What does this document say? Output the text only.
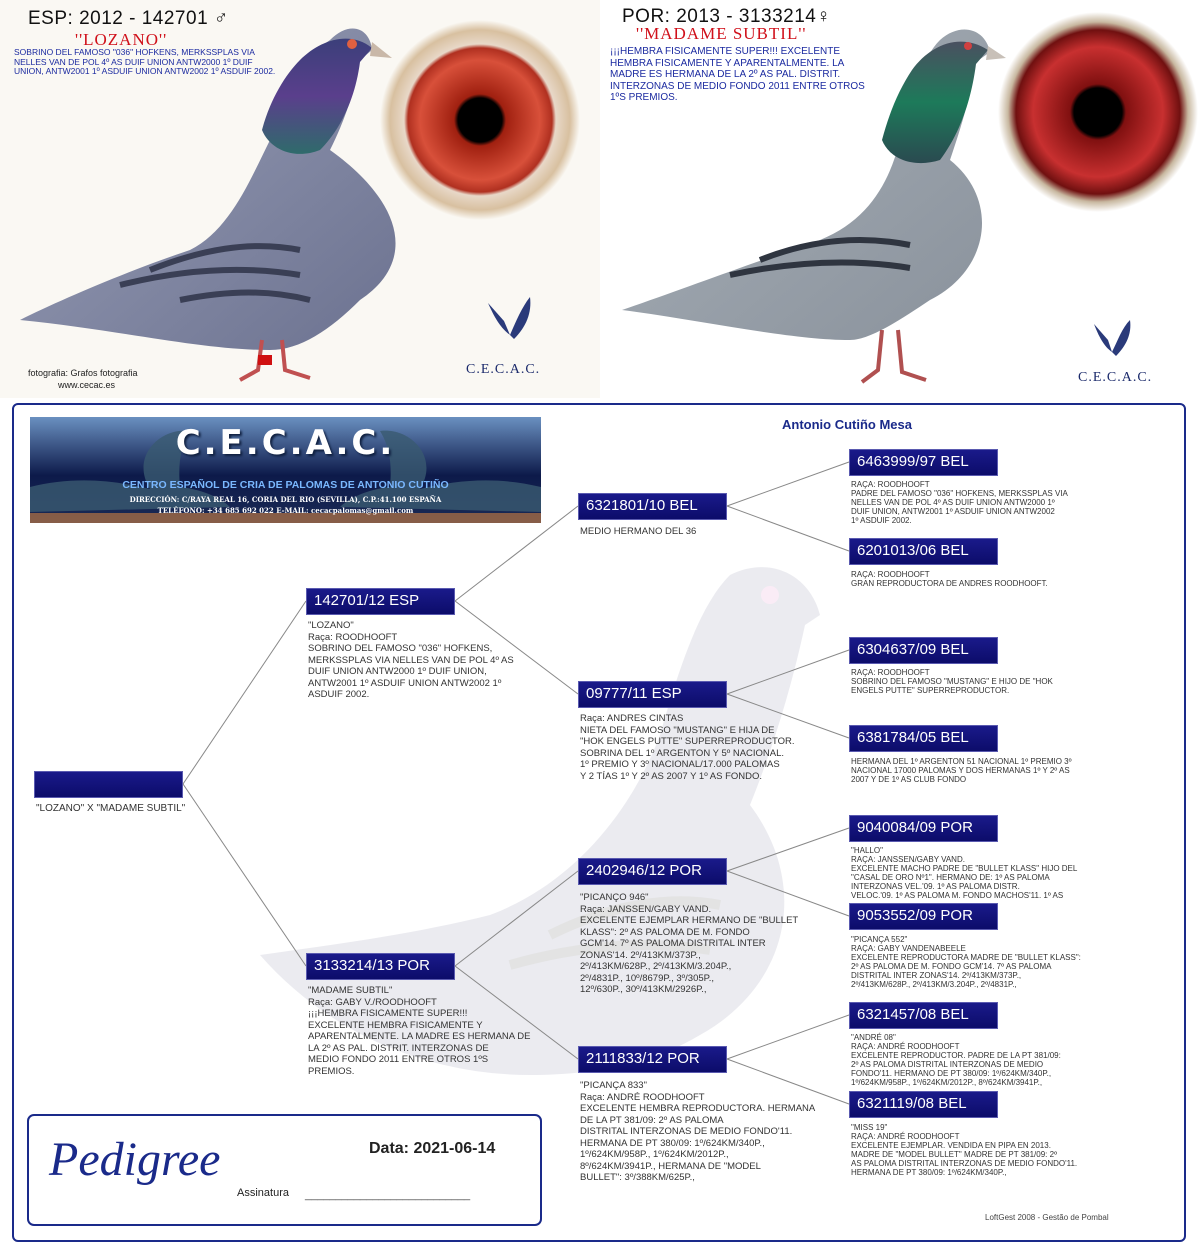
ESP: 2012 - 142701 ♂
''LOZANO''
SOBRINO DEL FAMOSO "036" HOFKENS, MERKSSPLAS VIA NELLES VAN DE POL 4º AS DUIF UNION ANTW2000 1º DUIF UNION, ANTW2001 1º ASDUIF UNION ANTW2002 1º ASDUIF 2002.
fotografia: Grafos fotografia
www.cecac.es
C.E.C.A.C.
POR: 2013 - 3133214♀
''MADAME SUBTIL''
¡¡¡HEMBRA FISICAMENTE SUPER!!! EXCELENTE HEMBRA FISICAMENTE Y APARENTALMENTE. LA MADRE ES HERMANA DE LA 2º AS PAL. DISTRIT. INTERZONAS DE MEDIO FONDO 2011 ENTRE OTROS 1ºS PREMIOS.
C.E.C.A.C.
C.E.C.A.C.
CENTRO ESPAÑOL DE CRIA DE PALOMAS DE ANTONIO CUTIÑO
DIRECCIÓN: C/RAYA REAL 16, CORIA DEL RIO (SEVILLA), C.P.:41.100 ESPAÑA
TELÉFONO: +34 685 692 022 E-MAIL: cecacpalomas@gmail.com
Antonio Cutiño Mesa
"LOZANO" X "MADAME SUBTIL"
142701/12 ESP
"LOZANO"
Raça: ROODHOOFT
SOBRINO DEL FAMOSO "036" HOFKENS,
MERKSSPLAS VIA NELLES VAN DE POL 4º AS
DUIF UNION ANTW2000 1º DUIF UNION,
ANTW2001 1º ASDUIF UNION ANTW2002 1º
ASDUIF 2002.
3133214/13 POR
"MADAME SUBTIL"
Raça: GABY V./ROODHOOFT
¡¡¡HEMBRA FISICAMENTE SUPER!!!
EXCELENTE HEMBRA FISICAMENTE Y
APARENTALMENTE. LA MADRE ES HERMANA DE
LA 2º AS PAL. DISTRIT. INTERZONAS DE
MEDIO FONDO 2011 ENTRE OTROS 1ºS
PREMIOS.
6321801/10 BEL
MEDIO HERMANO DEL 36
09777/11 ESP
Raça: ANDRES CINTAS
NIETA DEL FAMOSO "MUSTANG" E HIJA DE
"HOK ENGELS PUTTE" SUPERREPRODUCTOR.
SOBRINA DEL 1º ARGENTON Y 5º NACIONAL.
1º PREMIO Y 3º NACIONAL/17.000 PALOMAS
Y 2 TÍAS 1º Y 2º AS 2007 Y 1º AS FONDO.
2402946/12 POR
"PICANÇO 946"
Raça: JANSSEN/GABY VAND.
EXCELENTE EJEMPLAR HERMANO DE "BULLET
KLASS": 2º AS PALOMA DE M. FONDO
GCM'14. 7º AS PALOMA DISTRITAL INTER
ZONAS'14. 2º/413KM/373P.,
2º/413KM/628P., 2º/413KM/3.204P.,
2º/4831P., 10º/8679P., 3º/305P.,
12º/630P., 30º/413KM/2926P.,
2111833/12 POR
"PICANÇA 833"
Raça: ANDRÉ ROODHOOFT
EXCELENTE HEMBRA REPRODUCTORA. HERMANA
DE LA PT 381/09: 2º AS PALOMA
DISTRITAL INTERZONAS DE MEDIO FONDO'11.
HERMANA DE PT 380/09: 1º/624KM/340P.,
1º/624KM/958P., 1º/624KM/2012P.,
8º/624KM/3941P., HERMANA DE "MODEL
BULLET": 3º/388KM/625P.,
6463999/97 BEL
RAÇA: ROODHOOFT
PADRE DEL FAMOSO "036" HOFKENS, MERKSSPLAS VIA
NELLES VAN DE POL 4º AS DUIF UNION ANTW2000 1º
DUIF UNION, ANTW2001 1º ASDUIF UNION ANTW2002
1º ASDUIF 2002.
6201013/06 BEL
RAÇA: ROODHOOFT
GRAN REPRODUCTORA DE ANDRES ROODHOOFT.
6304637/09 BEL
RAÇA: ROODHOOFT
SOBRINO DEL FAMOSO "MUSTANG" E HIJO DE "HOK
ENGELS PUTTE" SUPERREPRODUCTOR.
6381784/05 BEL
HERMANA DEL 1º ARGENTON 51 NACIONAL 1º PREMIO 3º
NACIONAL 17000 PALOMAS Y DOS HERMANAS 1º Y 2º AS
2007 Y DE 1º AS CLUB FONDO
9040084/09 POR
"HALLO"
RAÇA: JANSSEN/GABY VAND.
EXCELENTE MACHO PADRE DE "BULLET KLASS" HIJO DEL
"CASAL DE ORO Nº1". HERMANO DE: 1º AS PALOMA
INTERZONAS VEL.'09. 1º AS PALOMA DISTR.
VELOC.'09. 1º AS PALOMA M. FONDO MACHOS'11. 1º AS
9053552/09 POR
"PICANÇA 552"
RAÇA: GABY VANDENABEELE
EXCELENTE REPRODUCTORA MADRE DE "BULLET KLASS":
2º AS PALOMA DE M. FONDO GCM'14. 7º AS PALOMA
DISTRITAL INTER ZONAS'14. 2º/413KM/373P.,
2º/413KM/628P., 2º/413KM/3.204P., 2º/4831P.,
6321457/08 BEL
"ANDRÉ 08"
RAÇA: ANDRÉ ROODHOOFT
EXCELENTE REPRODUCTOR. PADRE DE LA PT 381/09:
2º AS PALOMA DISTRITAL INTERZONAS DE MEDIO
FONDO'11. HERMANO DE PT 380/09: 1º/624KM/340P.,
1º/624KM/958P., 1º/624KM/2012P., 8º/624KM/3941P.,
6321119/08 BEL
"MISS 19"
RAÇA: ANDRÉ ROODHOOFT
EXCELENTE EJEMPLAR. VENDIDA EN PIPA EN 2013.
MADRE DE "MODEL BULLET" MADRE DE PT 381/09: 2º
AS PALOMA DISTRITAL INTERZONAS DE MEDIO FONDO'11.
HERMANA DE PT 380/09: 1º/624KM/340P.,
Pedigree	Data: 2021-06-14
Assinatura ___________________________
LoftGest 2008 - Gestão de Pombal
